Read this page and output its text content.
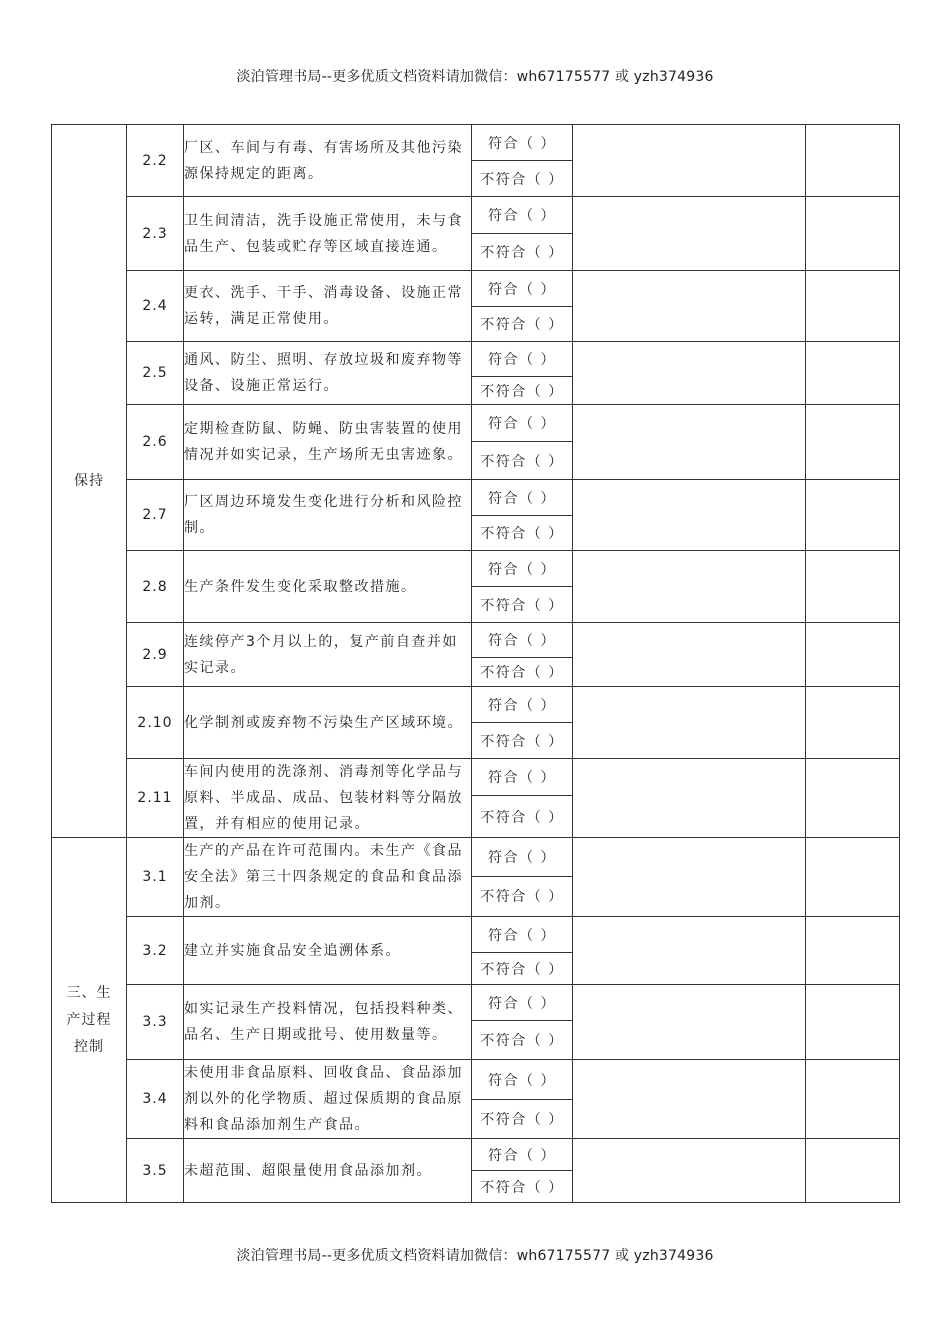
淡泊管理书局--更多优质文档资料请加微信：wh67175577 或 yzh374936
保持	2.2	厂区、车间与有毒、有害场所及其他污染源保持规定的距离。	符合（ ）		
			不符合（ ）		
	2.3	卫生间清洁，洗手设施正常使用，未与食品生产、包装或贮存等区域直接连通。	符合（ ）		
			不符合（ ）		
	2.4	更衣、洗手、干手、消毒设备、设施正常运转，满足正常使用。	符合（ ）		
			不符合（ ）		
	2.5	通风、防尘、照明、存放垃圾和废弃物等设备、设施正常运行。	符合（ ）		
			不符合（ ）		
	2.6	定期检查防鼠、防蝇、防虫害装置的使用情况并如实记录，生产场所无虫害迹象。	符合（ ）		
			不符合（ ）		
	2.7	厂区周边环境发生变化进行分析和风险控制。	符合（ ）		
			不符合（ ）		
	2.8	生产条件发生变化采取整改措施。	符合（ ）		
			不符合（ ）		
	2.9	连续停产3个月以上的，复产前自查并如实记录。	符合（ ）		
			不符合（ ）		
	2.10	化学制剂或废弃物不污染生产区域环境。	符合（ ）		
			不符合（ ）		
	2.11	车间内使用的洗涤剂、消毒剂等化学品与原料、半成品、成品、包装材料等分隔放置，并有相应的使用记录。	符合（ ）		
			不符合（ ）		
三、生产过程控制	3.1	生产的产品在许可范围内。未生产《食品安全法》第三十四条规定的食品和食品添加剂。	符合（ ）		
			不符合（ ）		
	3.2	建立并实施食品安全追溯体系。	符合（ ）		
			不符合（ ）		
	3.3	如实记录生产投料情况，包括投料种类、品名、生产日期或批号、使用数量等。	符合（ ）		
			不符合（ ）		
	3.4	未使用非食品原料、回收食品、食品添加剂以外的化学物质、超过保质期的食品原料和食品添加剂生产食品。	符合（ ）		
			不符合（ ）		
	3.5	未超范围、超限量使用食品添加剂。	符合（ ）		
			不符合（ ）		
淡泊管理书局--更多优质文档资料请加微信：wh67175577 或 yzh374936
